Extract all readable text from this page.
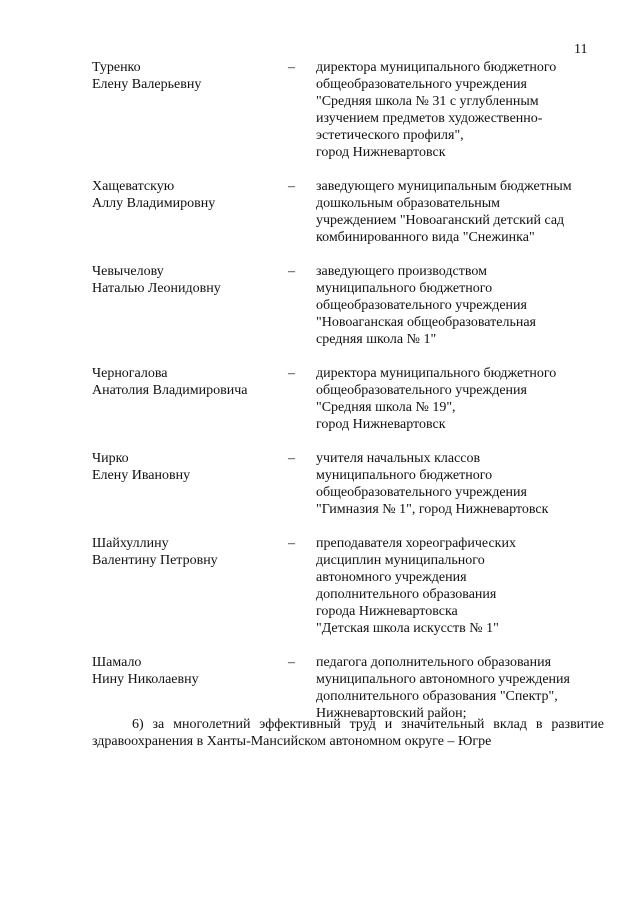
11
Туренко
Елену Валерьевну
–	директора муниципального бюджетного
общеобразовательного учреждения
"Средняя школа № 31 с углубленным
изучением предметов художественно-
эстетического профиля",
город Нижневартовск
Хащеватскую
Аллу Владимировну
–	заведующего муниципальным бюджетным
дошкольным образовательным
учреждением "Новоаганский детский сад
комбинированного вида "Снежинка"
Чевычелову
Наталью Леонидовну
–	заведующего производством
муниципального бюджетного
общеобразовательного учреждения
"Новоаганская общеобразовательная
средняя школа № 1"
Черногалова
Анатолия Владимировича
–	директора муниципального бюджетного
общеобразовательного учреждения
"Средняя школа № 19",
город Нижневартовск
Чирко
Елену Ивановну
–	учителя начальных классов
муниципального бюджетного
общеобразовательного учреждения
"Гимназия № 1", город Нижневартовск
Шайхуллину
Валентину Петровну
–	преподавателя хореографических
дисциплин муниципального
автономного учреждения
дополнительного образования
города Нижневартовска
"Детская школа искусств № 1"
Шамало
Нину Николаевну
–	педагога дополнительного образования
муниципального автономного учреждения
дополнительного образования "Спектр",
Нижневартовский район;
6) за многолетний эффективный труд и значительный вклад в развитие
здравоохранения в Ханты-Мансийском автономном округе – Югре
